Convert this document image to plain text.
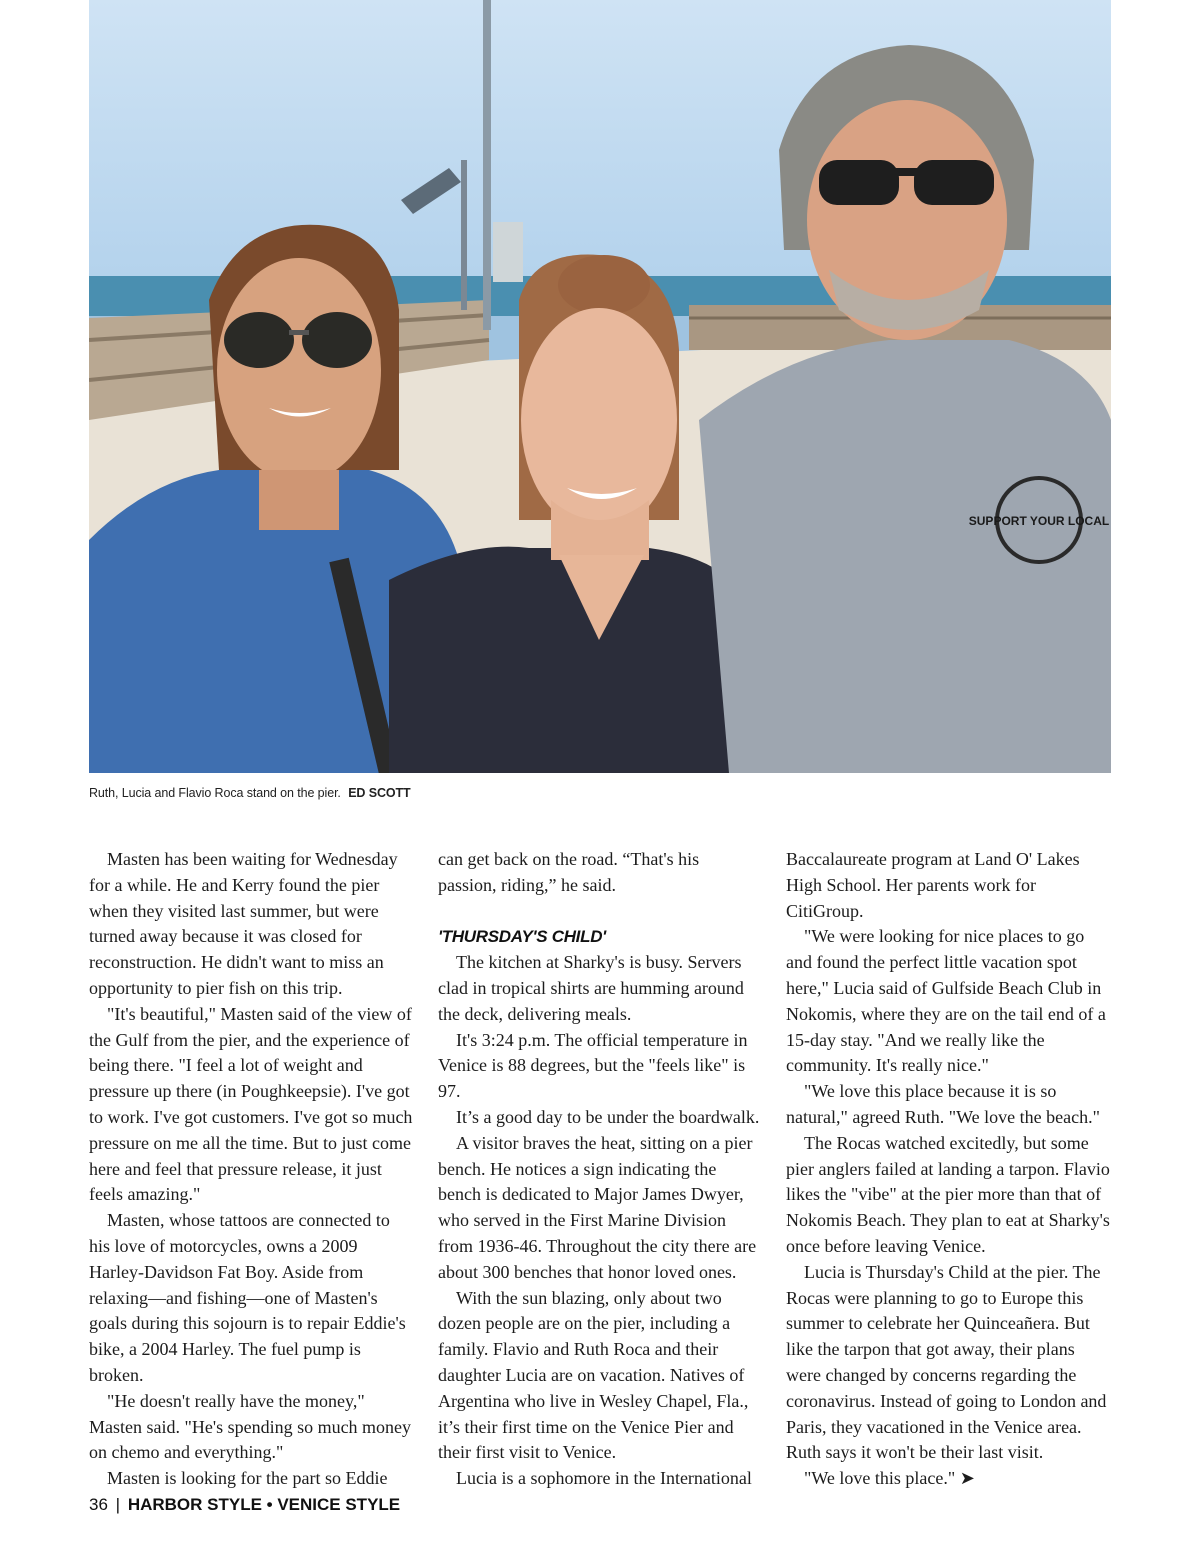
SUPPORT YOUR LOCAL
Ruth, Lucia and Flavio Roca stand on the pier. ED SCOTT

Masten has been waiting for Wednesday for a while. He and Kerry found the pier when they visited last summer, but were turned away because it was closed for reconstruction. He didn't want to miss an opportunity to pier fish on this trip.

"It's beautiful," Masten said of the view of the Gulf from the pier, and the experience of being there. "I feel a lot of weight and pressure up there (in Poughkeepsie). I've got to work. I've got customers. I've got so much pressure on me all the time. But to just come here and feel that pressure release, it just feels amazing."

Masten, whose tattoos are connected to his love of motorcycles, owns a 2009 Harley-Davidson Fat Boy. Aside from relaxing—and fishing—one of Masten's goals during this sojourn is to repair Eddie's bike, a 2004 Harley. The fuel pump is broken.

"He doesn't really have the money," Masten said. "He's spending so much money on chemo and everything."

Masten is looking for the part so Eddie

can get back on the road. “That's his passion, riding,” he said.

'THURSDAY'S CHILD'

The kitchen at Sharky's is busy. Servers clad in tropical shirts are humming around the deck, delivering meals.

It's 3:24 p.m. The official temperature in Venice is 88 degrees, but the "feels like" is 97.

It’s a good day to be under the boardwalk.

A visitor braves the heat, sitting on a pier bench. He notices a sign indicating the bench is dedicated to Major James Dwyer, who served in the First Marine Division from 1936-46. Throughout the city there are about 300 benches that honor loved ones.

With the sun blazing, only about two dozen people are on the pier, including a family. Flavio and Ruth Roca and their daughter Lucia are on vacation. Natives of Argentina who live in Wesley Chapel, Fla., it’s their first time on the Venice Pier and their first visit to Venice.

Lucia is a sophomore in the International

Baccalaureate program at Land O' Lakes High School. Her parents work for CitiGroup.

"We were looking for nice places to go and found the perfect little vacation spot here," Lucia said of Gulfside Beach Club in Nokomis, where they are on the tail end of a 15-day stay. "And we really like the community. It's really nice."

"We love this place because it is so natural," agreed Ruth. "We love the beach."

The Rocas watched excitedly, but some pier anglers failed at landing a tarpon. Flavio likes the "vibe" at the pier more than that of Nokomis Beach. They plan to eat at Sharky's once before leaving Venice.

Lucia is Thursday's Child at the pier. The Rocas were planning to go to Europe this summer to celebrate her Quinceañera. But like the tarpon that got away, their plans were changed by concerns regarding the coronavirus. Instead of going to London and Paris, they vacationed in the Venice area. Ruth says it won't be their last visit.

"We love this place." ➤

36 | HARBOR STYLE • VENICE STYLE
